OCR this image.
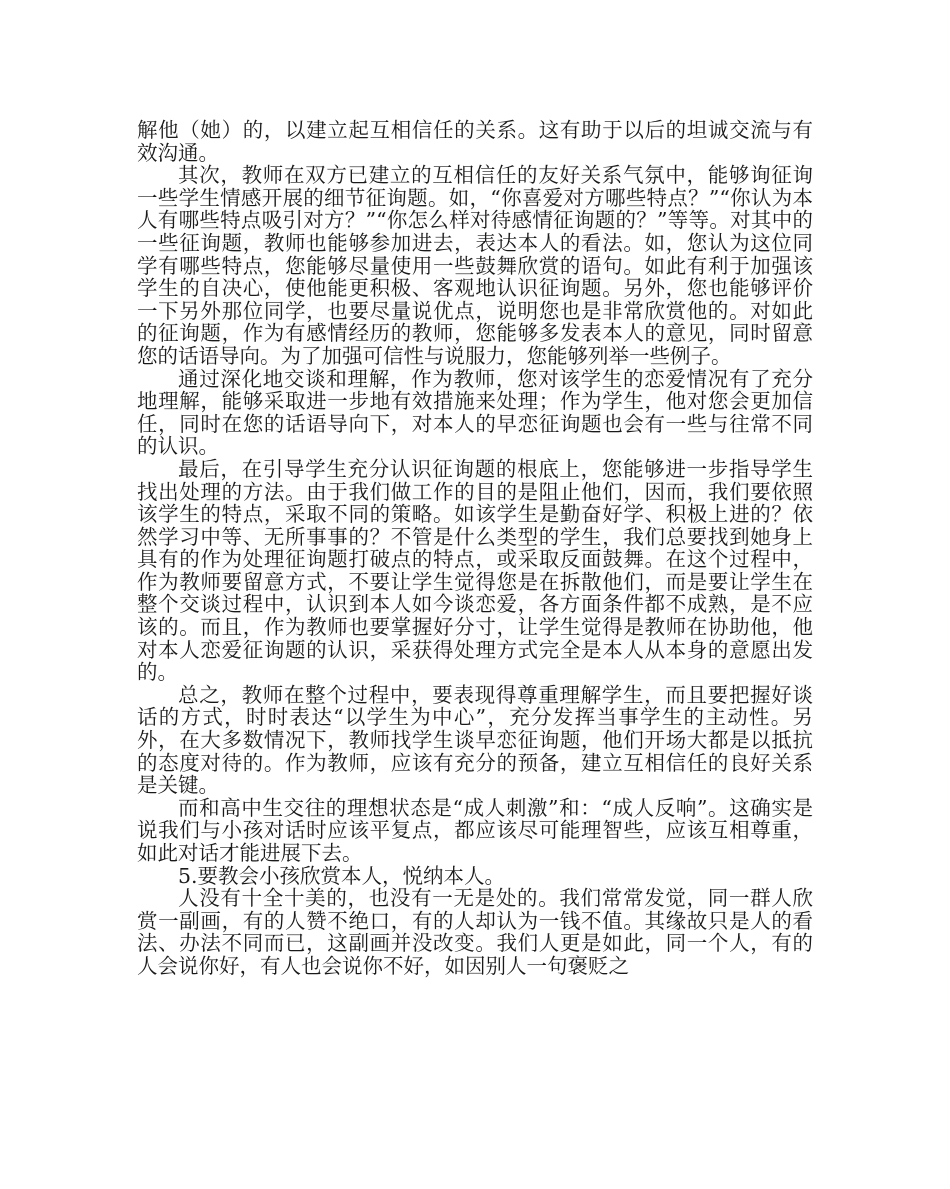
解他（她）的，以建立起互相信任的关系。这有助于以后的坦诚交流与有效沟通。

其次，教师在双方已建立的互相信任的友好关系气氛中，能够询征询一些学生情感开展的细节征询题。如，“你喜爱对方哪些特点？”“你认为本人有哪些特点吸引对方？”“你怎么样对待感情征询题的？”等等。对其中的一些征询题，教师也能够参加进去，表达本人的看法。如，您认为这位同学有哪些特点，您能够尽量使用一些鼓舞欣赏的语句。如此有利于加强该学生的自决心，使他能更积极、客观地认识征询题。另外，您也能够评价一下另外那位同学，也要尽量说优点，说明您也是非常欣赏他的。对如此的征询题，作为有感情经历的教师，您能够多发表本人的意见，同时留意您的话语导向。为了加强可信性与说服力，您能够列举一些例子。

通过深化地交谈和理解，作为教师，您对该学生的恋爱情况有了充分地理解，能够采取进一步地有效措施来处理；作为学生，他对您会更加信任，同时在您的话语导向下，对本人的早恋征询题也会有一些与往常不同的认识。

最后，在引导学生充分认识征询题的根底上，您能够进一步指导学生找出处理的方法。由于我们做工作的目的是阻止他们，因而，我们要依照该学生的特点，采取不同的策略。如该学生是勤奋好学、积极上进的？依然学习中等、无所事事的？不管是什么类型的学生，我们总要找到她身上具有的作为处理征询题打破点的特点，或采取反面鼓舞。在这个过程中，作为教师要留意方式，不要让学生觉得您是在拆散他们，而是要让学生在整个交谈过程中，认识到本人如今谈恋爱，各方面条件都不成熟，是不应该的。而且，作为教师也要掌握好分寸，让学生觉得是教师在协助他，他对本人恋爱征询题的认识，采获得处理方式完全是本人从本身的意愿出发的。

总之，教师在整个过程中，要表现得尊重理解学生，而且要把握好谈话的方式，时时表达“以学生为中心”，充分发挥当事学生的主动性。另外，在大多数情况下，教师找学生谈早恋征询题，他们开场大都是以抵抗的态度对待的。作为教师，应该有充分的预备，建立互相信任的良好关系是关键。

而和高中生交往的理想状态是“成人刺激”和：“成人反响”。这确实是说我们与小孩对话时应该平复点，都应该尽可能理智些，应该互相尊重，如此对话才能进展下去。

5.要教会小孩欣赏本人，悦纳本人。

人没有十全十美的，也没有一无是处的。我们常常发觉，同一群人欣赏一副画，有的人赞不绝口，有的人却认为一钱不值。其缘故只是人的看法、办法不同而已，这副画并没改变。我们人更是如此，同一个人，有的人会说你好，有人也会说你不好，如因别人一句褒贬之
